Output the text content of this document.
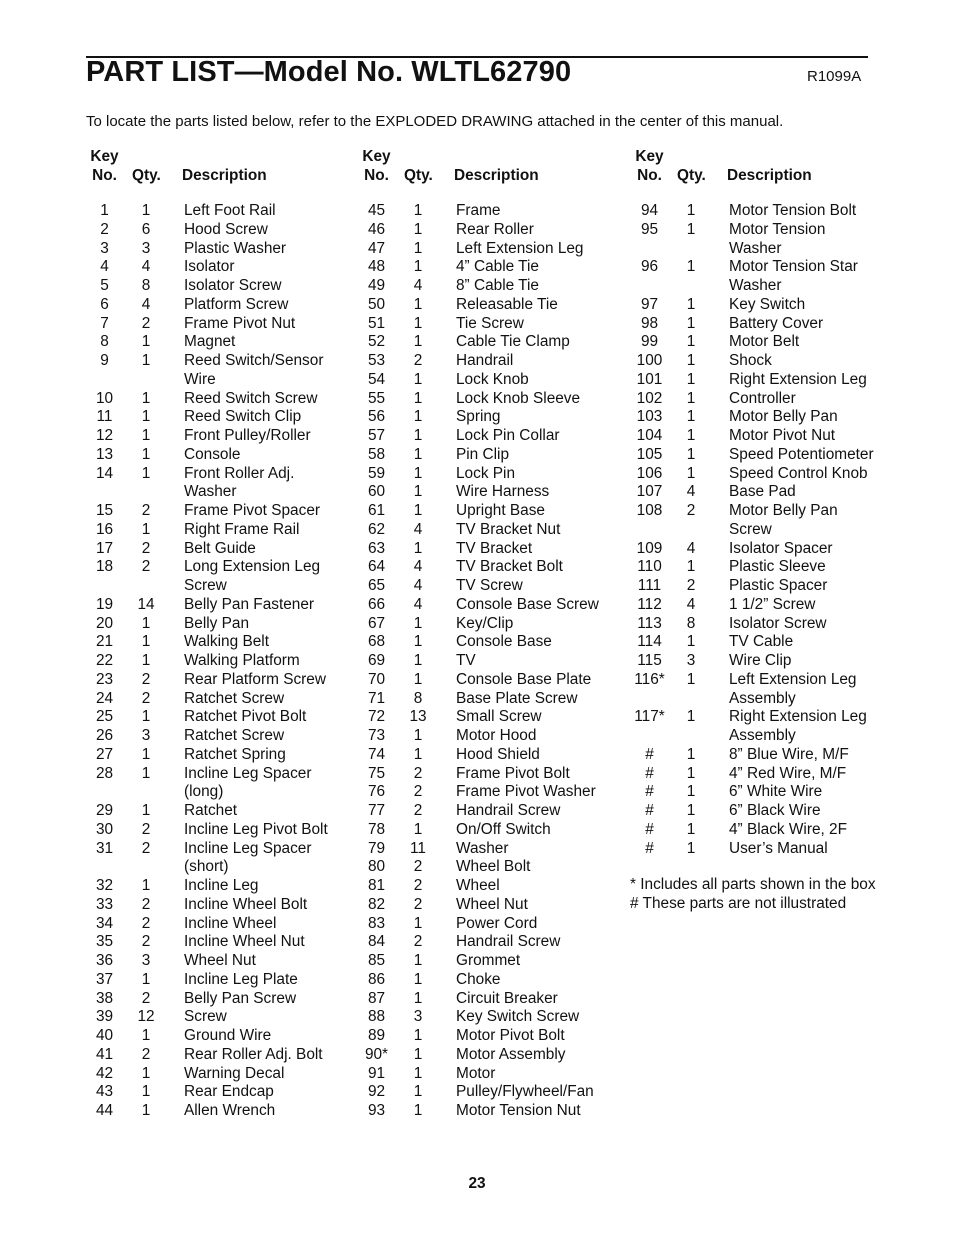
PART LIST—Model No. WLTL62790	R1099A
To locate the parts listed below, refer to the EXPLODED DRAWING attached in the center of this manual.
Key
No. Qty. Description
1	1	Left Foot Rail
2	6	Hood Screw
3	3	Plastic Washer
4	4	Isolator
5	8	Isolator Screw
6	4	Platform Screw
7	2	Frame Pivot Nut
8	1	Magnet
9	1	Reed Switch/Sensor
Wire
10	1	Reed Switch Screw
11	1	Reed Switch Clip
12	1	Front Pulley/Roller
13	1	Console
14	1	Front Roller Adj.
Washer
15	2	Frame Pivot Spacer
16	1	Right Frame Rail
17	2	Belt Guide
18	2	Long Extension Leg
Screw
19	14	Belly Pan Fastener
20	1	Belly Pan
21	1	Walking Belt
22	1	Walking Platform
23	2	Rear Platform Screw
24	2	Ratchet Screw
25	1	Ratchet Pivot Bolt
26	3	Ratchet Screw
27	1	Ratchet Spring
28	1	Incline Leg Spacer
(long)
29	1	Ratchet
30	2	Incline Leg Pivot Bolt
31	2	Incline Leg Spacer
(short)
32	1	Incline Leg
33	2	Incline Wheel Bolt
34	2	Incline Wheel
35	2	Incline Wheel Nut
36	3	Wheel Nut
37	1	Incline Leg Plate
38	2	Belly Pan Screw
39	12	Screw
40	1	Ground Wire
41	2	Rear Roller Adj. Bolt
42	1	Warning Decal
43	1	Rear Endcap
44	1	Allen Wrench
Key
No. Qty. Description
45	1	Frame
46	1	Rear Roller
47	1	Left Extension Leg
48	1	4” Cable Tie
49	4	8” Cable Tie
50	1	Releasable Tie
51	1	Tie Screw
52	1	Cable Tie Clamp
53	2	Handrail
54	1	Lock Knob
55	1	Lock Knob Sleeve
56	1	Spring
57	1	Lock Pin Collar
58	1	Pin Clip
59	1	Lock Pin
60	1	Wire Harness
61	1	Upright Base
62	4	TV Bracket Nut
63	1	TV Bracket
64	4	TV Bracket Bolt
65	4	TV Screw
66	4	Console Base Screw
67	1	Key/Clip
68	1	Console Base
69	1	TV
70	1	Console Base Plate
71	8	Base Plate Screw
72	13	Small Screw
73	1	Motor Hood
74	1	Hood Shield
75	2	Frame Pivot Bolt
76	2	Frame Pivot Washer
77	2	Handrail Screw
78	1	On/Off Switch
79	11	Washer
80	2	Wheel Bolt
81	2	Wheel
82	2	Wheel Nut
83	1	Power Cord
84	2	Handrail Screw
85	1	Grommet
86	1	Choke
87	1	Circuit Breaker
88	3	Key Switch Screw
89	1	Motor Pivot Bolt
90*	1	Motor Assembly
91	1	Motor
92	1	Pulley/Flywheel/Fan
93	1	Motor Tension Nut
Key
No. Qty. Description
94	1	Motor Tension Bolt
95	1	Motor Tension
Washer
96	1	Motor Tension Star
Washer
97	1	Key Switch
98	1	Battery Cover
99	1	Motor Belt
100	1	Shock
101	1	Right Extension Leg
102	1	Controller
103	1	Motor Belly Pan
104	1	Motor Pivot Nut
105	1	Speed Potentiometer
106	1	Speed Control Knob
107	4	Base Pad
108	2	Motor Belly Pan
Screw
109	4	Isolator Spacer
110	1	Plastic Sleeve
111	2	Plastic Spacer
112	4	1 1/2” Screw
113	8	Isolator Screw
114	1	TV Cable
115	3	Wire Clip
116*	1	Left Extension Leg
Assembly
117*	1	Right Extension Leg
Assembly
#	1	8” Blue Wire, M/F
#	1	4” Red Wire, M/F
#	1	6” White Wire
#	1	6” Black Wire
#	1	4” Black Wire, 2F
#	1	User’s Manual
* Includes all parts shown in the box
# These parts are not illustrated
23
